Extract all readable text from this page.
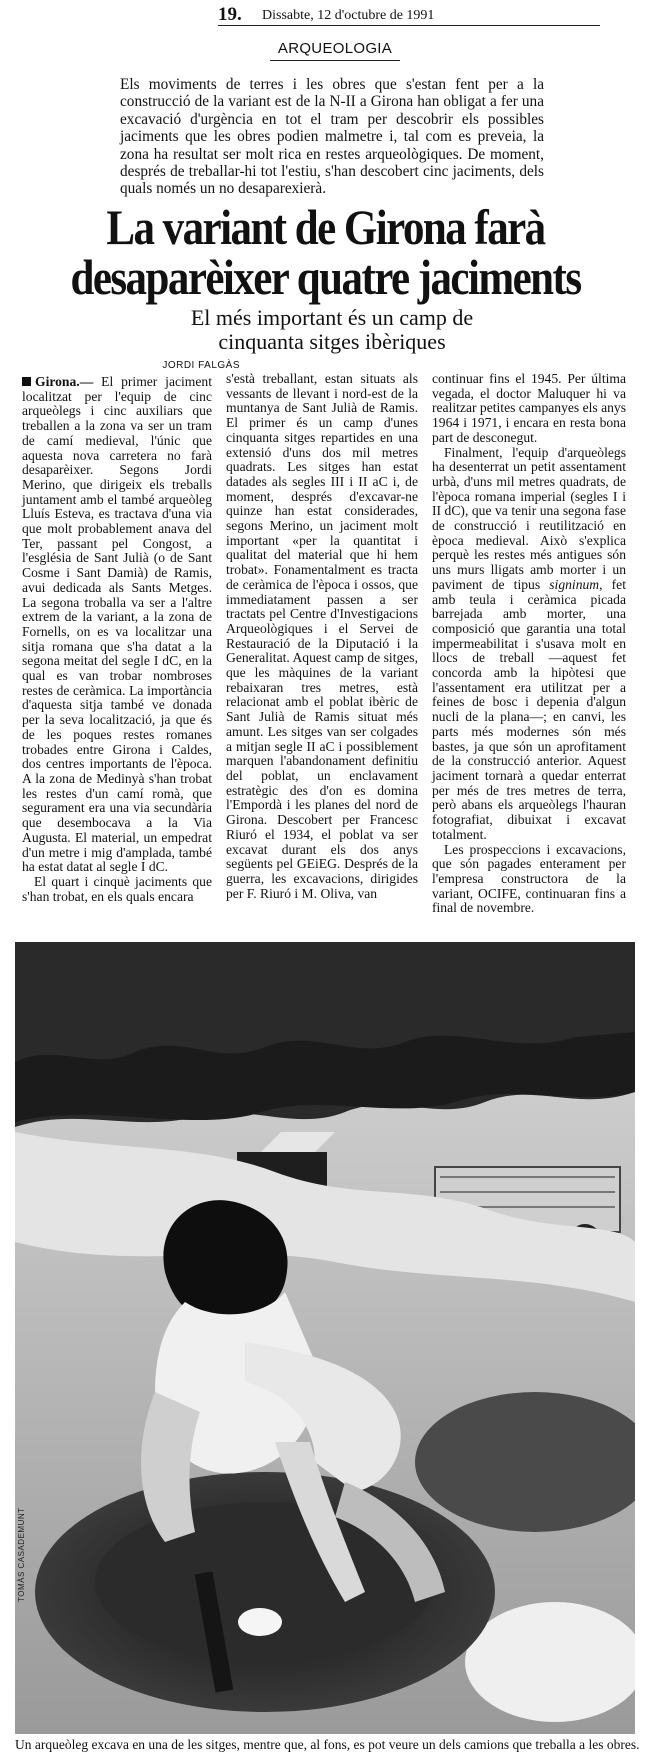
19. Dissabte, 12 d'octubre de 1991
ARQUEOLOGIA
Els moviments de terres i les obres que s'estan fent per a la construcció de la variant est de la N-II a Girona han obligat a fer una excavació d'urgència en tot el tram per descobrir els possibles jaciments que les obres podien malmetre i, tal com es preveia, la zona ha resultat ser molt rica en restes arqueològiques. De moment, després de treballar-hi tot l'estiu, s'han descobert cinc jaciments, dels quals només un no desaparexierà.
La variant de Girona farà
desaparèixer quatre jaciments
El més important és un camp de
cinquanta sitges ibèriques
JORDI FALGÀS

Girona.— El primer jaciment localitzat per l'equip de cinc arqueòlegs i cinc auxiliars que treballen a la zona va ser un tram de camí medieval, l'únic que aquesta nova carretera no farà desaparèixer. Segons Jordi Merino, que dirigeix els treballs juntament amb el també arqueòleg Lluís Esteva, es tractava d'una via que molt probablement anava del Ter, passant pel Congost, a l'església de Sant Julià (o de Sant Cosme i Sant Damià) de Ramis, avui dedicada als Sants Metges. La segona troballa va ser a l'altre extrem de la variant, a la zona de Fornells, on es va localitzar una sitja romana que s'ha datat a la segona meitat del segle I dC, en la qual es van trobar nombroses restes de ceràmica. La importància d'aquesta sitja també ve donada per la seva localització, ja que és de les poques restes romanes trobades entre Girona i Caldes, dos centres importants de l'època. A la zona de Medinyà s'han trobat les restes d'un camí romà, que segurament era una via secundària que desembocava a la Via Augusta. El material, un empedrat d'un metre i mig d'amplada, també ha estat datat al segle I dC.

El quart i cinquè jaciments que s'han trobat, en els quals encara

s'està treballant, estan situats als vessants de llevant i nord-est de la muntanya de Sant Julià de Ramis. El primer és un camp d'unes cinquanta sitges repartides en una extensió d'uns dos mil metres quadrats. Les sitges han estat datades als segles III i II aC i, de moment, després d'excavar-ne quinze han estat considerades, segons Merino, un jaciment molt important «per la quantitat i qualitat del material que hi hem trobat». Fonamentalment es tracta de ceràmica de l'època i ossos, que immediatament passen a ser tractats pel Centre d'Investigacions Arqueològiques i el Servei de Restauració de la Diputació i la Generalitat. Aquest camp de sitges, que les màquines de la variant rebaixaran tres metres, està relacionat amb el poblat ibèric de Sant Julià de Ramis situat més amunt. Les sitges van ser colgades a mitjan segle II aC i possiblement marquen l'abandonament definitiu del poblat, un enclavament estratègic des d'on es domina l'Empordà i les planes del nord de Girona. Descobert per Francesc Riuró el 1934, el poblat va ser excavat durant els dos anys següents pel GEiEG. Després de la guerra, les excavacions, dirigides per F. Riuró i M. Oliva, van

continuar fins el 1945. Per última vegada, el doctor Maluquer hi va realitzar petites campanyes els anys 1964 i 1971, i encara en resta bona part de desconegut.

Finalment, l'equip d'arqueòlegs ha desenterrat un petit assentament urbà, d'uns mil metres quadrats, de l'època romana imperial (segles I i II dC), que va tenir una segona fase de construcció i reutilització en època medieval. Això s'explica perquè les restes més antigues són uns murs lligats amb morter i un paviment de tipus signinum, fet amb teula i ceràmica picada barrejada amb morter, una composició que garantia una total impermeabilitat i s'usava molt en llocs de treball —aquest fet concorda amb la hipòtesi que l'assentament era utilitzat per a feines de bosc i depenia d'algun nucli de la plana—; en canvi, les parts més modernes són més bastes, ja que són un aprofitament de la construcció anterior. Aquest jaciment tornarà a quedar enterrat per més de tres metres de terra, però abans els arqueòlegs l'hauran fotografiat, dibuixat i excavat totalment.

Les prospeccions i excavacions, que són pagades enterament per l'empresa constructora de la variant, OCIFE, continuaran fins a final de novembre.

TOMÀS CASADEMUNT
Un arqueòleg excava en una de les sitges, mentre que, al fons, es pot veure un dels camions que treballa a les obres.
